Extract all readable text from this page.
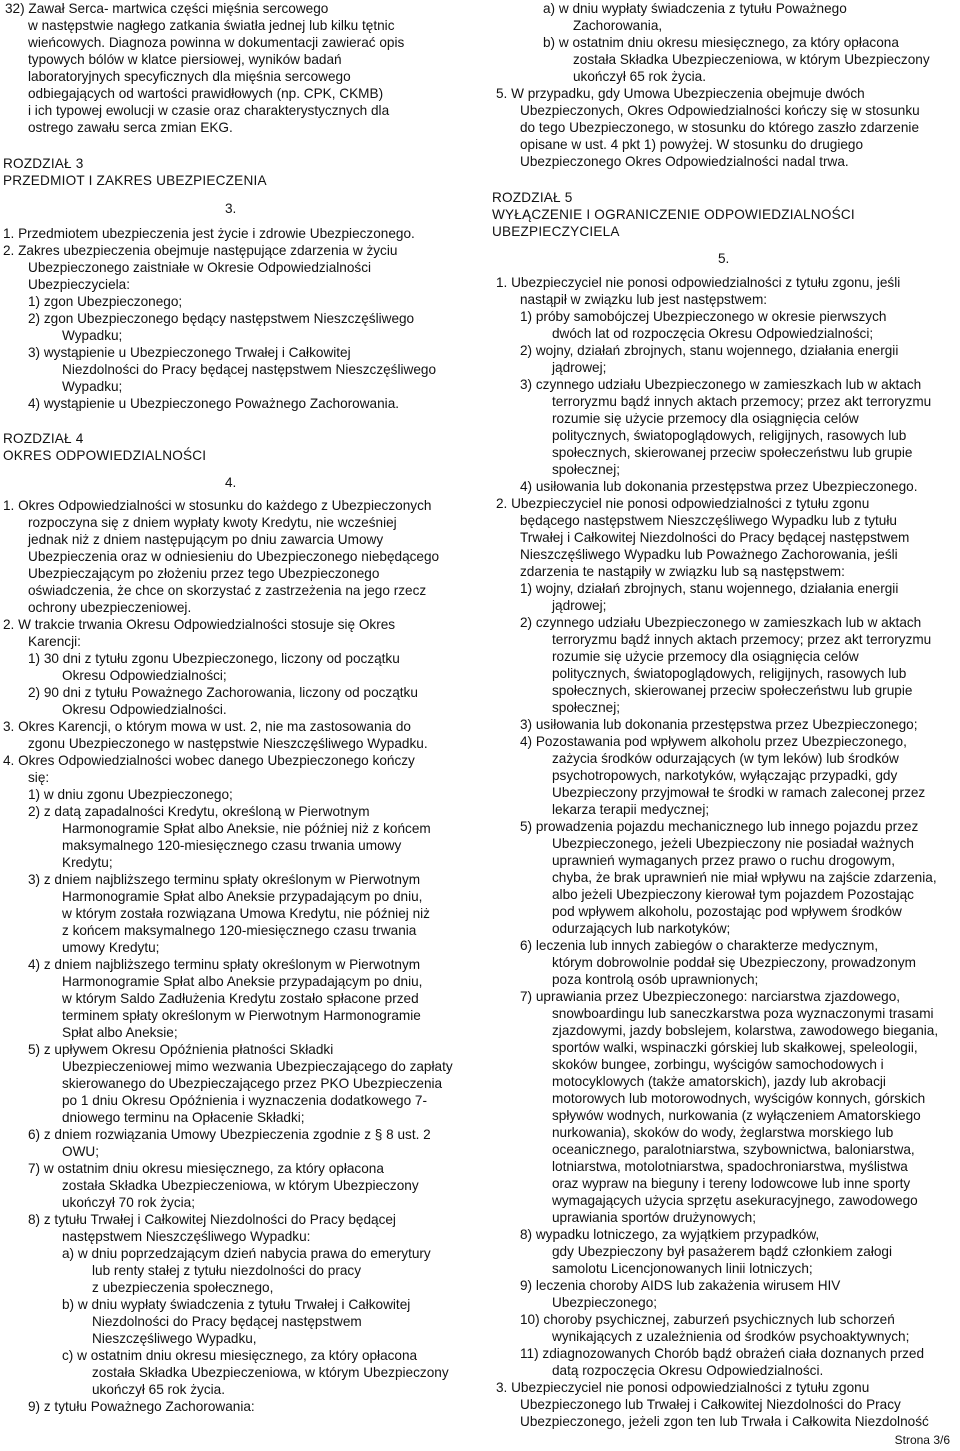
32) Zawał Serca- martwica części mięśnia sercowego
w następstwie nagłego zatkania światła jednej lub kilku tętnic
wieńcowych. Diagnoza powinna w dokumentacji zawierać opis
typowych bólów w klatce piersiowej, wyników badań
laboratoryjnych specyficznych dla mięśnia sercowego
odbiegających od wartości prawidłowych (np. CPK, CKMB)
i ich typowej ewolucji w czasie oraz charakterystycznych dla
ostrego zawału serca zmian EKG.
ROZDZIAŁ 3
PRZEDMIOT I ZAKRES UBEZPIECZENIA
3.
1. Przedmiotem ubezpieczenia jest życie i zdrowie Ubezpieczonego.
2. Zakres ubezpieczenia obejmuje następujące zdarzenia w życiu
Ubezpieczonego zaistniałe w Okresie Odpowiedzialności
Ubezpieczyciela:
1) zgon Ubezpieczonego;
2) zgon Ubezpieczonego będący następstwem Nieszczęśliwego
Wypadku;
3) wystąpienie u Ubezpieczonego Trwałej i Całkowitej
Niezdolności do Pracy będącej następstwem Nieszczęśliwego
Wypadku;
4) wystąpienie u Ubezpieczonego Poważnego Zachorowania.
ROZDZIAŁ 4
OKRES ODPOWIEDZIALNOŚCI
4.
1. Okres Odpowiedzialności w stosunku do każdego z Ubezpieczonych
rozpoczyna się z dniem wypłaty kwoty Kredytu, nie wcześniej
jednak niż z dniem następującym po dniu zawarcia Umowy
Ubezpieczenia oraz w odniesieniu do Ubezpieczonego niebędącego
Ubezpieczającym po złożeniu przez tego Ubezpieczonego
oświadczenia, że chce on skorzystać z zastrzeżenia na jego rzecz
ochrony ubezpieczeniowej.
2. W trakcie trwania Okresu Odpowiedzialności stosuje się Okres
Karencji:
1) 30 dni z tytułu zgonu Ubezpieczonego, liczony od początku
Okresu Odpowiedzialności;
2) 90 dni z tytułu Poważnego Zachorowania, liczony od początku
Okresu Odpowiedzialności.
3. Okres Karencji, o którym mowa w ust. 2, nie ma zastosowania do
zgonu Ubezpieczonego w następstwie Nieszczęśliwego Wypadku.
4. Okres Odpowiedzialności wobec danego Ubezpieczonego kończy
się:
1) w dniu zgonu Ubezpieczonego;
2) z datą zapadalności Kredytu, określoną w Pierwotnym
Harmonogramie Spłat albo Aneksie, nie później niż z końcem
maksymalnego 120-miesięcznego czasu trwania umowy
Kredytu;
3) z dniem najbliższego terminu spłaty określonym w Pierwotnym
Harmonogramie Spłat albo Aneksie przypadającym po dniu,
w którym została rozwiązana Umowa Kredytu, nie później niż
z końcem maksymalnego 120-miesięcznego czasu trwania
umowy Kredytu;
4) z dniem najbliższego terminu spłaty określonym w Pierwotnym
Harmonogramie Spłat albo Aneksie przypadającym po dniu,
w którym Saldo Zadłużenia Kredytu zostało spłacone przed
terminem spłaty określonym w Pierwotnym Harmonogramie
Spłat albo Aneksie;
5) z upływem Okresu Opóźnienia płatności Składki
Ubezpieczeniowej mimo wezwania Ubezpieczającego do zapłaty
skierowanego do Ubezpieczającego przez PKO Ubezpieczenia
po 1 dniu Okresu Opóźnienia i wyznaczenia dodatkowego 7-
dniowego terminu na Opłacenie Składki;
6) z dniem rozwiązania Umowy Ubezpieczenia zgodnie z § 8 ust. 2
OWU;
7) w ostatnim dniu okresu miesięcznego, za który opłacona
została Składka Ubezpieczeniowa, w którym Ubezpieczony
ukończył 70 rok życia;
8) z tytułu Trwałej i Całkowitej Niezdolności do Pracy będącej
następstwem Nieszczęśliwego Wypadku:
a) w dniu poprzedzającym dzień nabycia prawa do emerytury
lub renty stałej z tytułu niezdolności do pracy
z ubezpieczenia społecznego,
b) w dniu wypłaty świadczenia z tytułu Trwałej i Całkowitej
Niezdolności do Pracy będącej następstwem
Nieszczęśliwego Wypadku,
c) w ostatnim dniu okresu miesięcznego, za który opłacona
została Składka Ubezpieczeniowa, w którym Ubezpieczony
ukończył 65 rok życia.
9) z tytułu Poważnego Zachorowania:
a) w dniu wypłaty świadczenia z tytułu Poważnego
Zachorowania,
b) w ostatnim dniu okresu miesięcznego, za który opłacona
została Składka Ubezpieczeniowa, w którym Ubezpieczony
ukończył 65 rok życia.
5. W przypadku, gdy Umowa Ubezpieczenia obejmuje dwóch
Ubezpieczonych, Okres Odpowiedzialności kończy się w stosunku
do tego Ubezpieczonego, w stosunku do którego zaszło zdarzenie
opisane w ust. 4 pkt 1) powyżej. W stosunku do drugiego
Ubezpieczonego Okres Odpowiedzialności nadal trwa.
ROZDZIAŁ 5
WYŁĄCZENIE I OGRANICZENIE ODPOWIEDZIALNOŚCI
UBEZPIECZYCIELA
5.
1. Ubezpieczyciel nie ponosi odpowiedzialności z tytułu zgonu, jeśli
nastąpił w związku lub jest następstwem:
1) próby samobójczej Ubezpieczonego w okresie pierwszych
dwóch lat od rozpoczęcia Okresu Odpowiedzialności;
2) wojny, działań zbrojnych, stanu wojennego, działania energii
jądrowej;
3) czynnego udziału Ubezpieczonego w zamieszkach lub w aktach
terroryzmu bądź innych aktach przemocy; przez akt terroryzmu
rozumie się użycie przemocy dla osiągnięcia celów
politycznych, światopoglądowych, religijnych, rasowych lub
społecznych, skierowanej przeciw społeczeństwu lub grupie
społecznej;
4) usiłowania lub dokonania przestępstwa przez Ubezpieczonego.
2. Ubezpieczyciel nie ponosi odpowiedzialności z tytułu zgonu
będącego następstwem Nieszczęśliwego Wypadku lub z tytułu
Trwałej i Całkowitej Niezdolności do Pracy będącej następstwem
Nieszczęśliwego Wypadku lub Poważnego Zachorowania, jeśli
zdarzenia te nastąpiły w związku lub są następstwem:
1) wojny, działań zbrojnych, stanu wojennego, działania energii
jądrowej;
2) czynnego udziału Ubezpieczonego w zamieszkach lub w aktach
terroryzmu bądź innych aktach przemocy; przez akt terroryzmu
rozumie się użycie przemocy dla osiągnięcia celów
politycznych, światopoglądowych, religijnych, rasowych lub
społecznych, skierowanej przeciw społeczeństwu lub grupie
społecznej;
3) usiłowania lub dokonania przestępstwa przez Ubezpieczonego;
4) Pozostawania pod wpływem alkoholu przez Ubezpieczonego,
zażycia środków odurzających (w tym leków) lub środków
psychotropowych, narkotyków, wyłączając przypadki, gdy
Ubezpieczony przyjmował te środki w ramach zaleconej przez
lekarza terapii medycznej;
5) prowadzenia pojazdu mechanicznego lub innego pojazdu przez
Ubezpieczonego, jeżeli Ubezpieczony nie posiadał ważnych
uprawnień wymaganych przez prawo o ruchu drogowym,
chyba, że brak uprawnień nie miał wpływu na zajście zdarzenia,
albo jeżeli Ubezpieczony kierował tym pojazdem Pozostając
pod wpływem alkoholu, pozostając pod wpływem środków
odurzających lub narkotyków;
6) leczenia lub innych zabiegów o charakterze medycznym,
którym dobrowolnie poddał się Ubezpieczony, prowadzonym
poza kontrolą osób uprawnionych;
7) uprawiania przez Ubezpieczonego: narciarstwa zjazdowego,
snowboardingu lub saneczkarstwa poza wyznaczonymi trasami
zjazdowymi, jazdy bobslejem, kolarstwa, zawodowego biegania,
sportów walki, wspinaczki górskiej lub skałkowej, speleologii,
skoków bungee, zorbingu, wyścigów samochodowych i
motocyklowych (także amatorskich), jazdy lub akrobacji
motorowych lub motorowodnych, wyścigów konnych, górskich
spływów wodnych, nurkowania (z wyłączeniem Amatorskiego
nurkowania), skoków do wody, żeglarstwa morskiego lub
oceanicznego, paralotniarstwa, szybownictwa, baloniarstwa,
lotniarstwa, motolotniarstwa, spadochroniarstwa, myślistwa
oraz wypraw na bieguny i tereny lodowcowe lub inne sporty
wymagających użycia sprzętu asekuracyjnego, zawodowego
uprawiania sportów drużynowych;
8) wypadku lotniczego, za wyjątkiem przypadków,
gdy Ubezpieczony był pasażerem bądź członkiem załogi
samolotu Licencjonowanych linii lotniczych;
9) leczenia choroby AIDS lub zakażenia wirusem HIV
Ubezpieczonego;
10) choroby psychicznej, zaburzeń psychicznych lub schorzeń
wynikających z uzależnienia od środków psychoaktywnych;
11) zdiagnozowanych Chorób bądź obrażeń ciała doznanych przed
datą rozpoczęcia Okresu Odpowiedzialności.
3. Ubezpieczyciel nie ponosi odpowiedzialności z tytułu zgonu
Ubezpieczonego lub Trwałej i Całkowitej Niezdolności do Pracy
Ubezpieczonego, jeżeli zgon ten lub Trwała i Całkowita Niezdolność
Strona 3/6
